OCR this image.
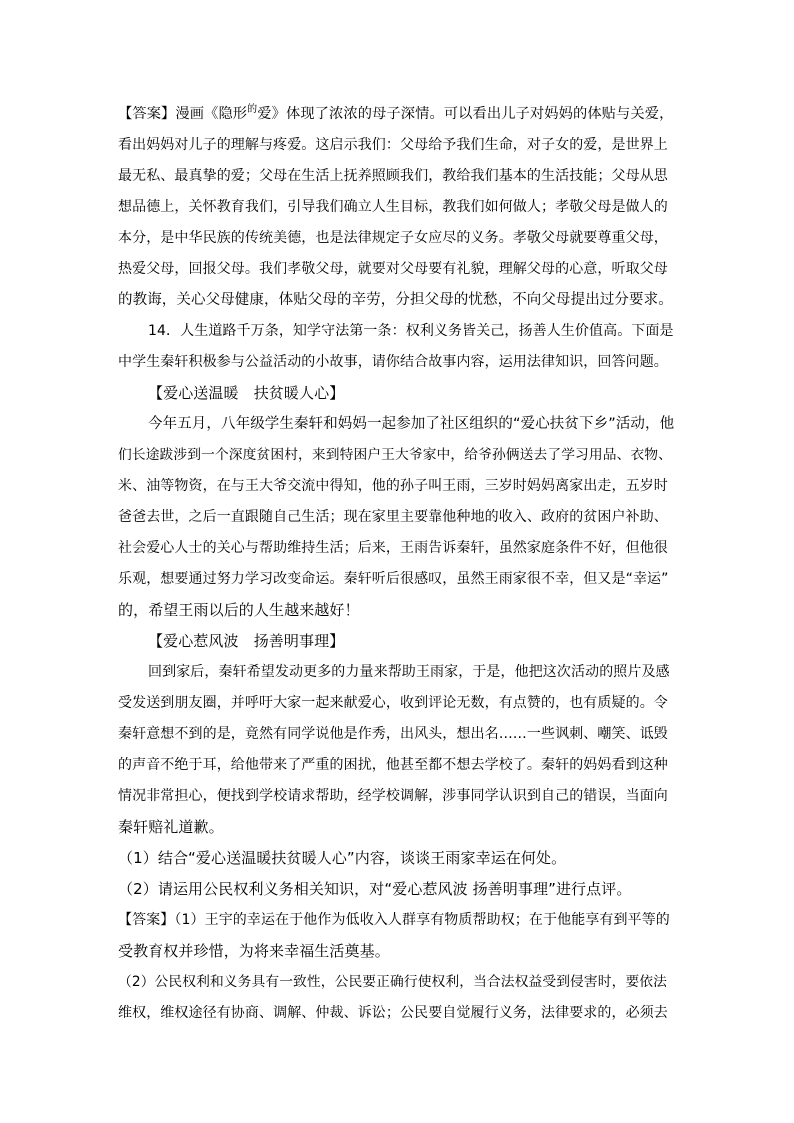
【答案】漫画《隐形$^的$爱》体现了浓浓的母子深情。可以看出儿子对妈妈的体贴与关爱，
看出妈妈对儿子的理解与疼爱。这启示我们：父母给予我们生命，对子女的爱，是世界上
最无私、最真挚的爱；父母在生活上抚养照顾我们，教给我们基本的生活技能；父母从思
想品德上，关怀教育我们，引导我们确立人生目标，教我们如何做人；孝敬父母是做人的
本分，是中华民族的传统美德，也是法律规定子女应尽的义务。孝敬父母就要尊重父母，
热爱父母，回报父母。我们孝敬父母，就要对父母要有礼貌，理解父母的心意，听取父母
的教诲，关心父母健康，体贴父母的辛劳，分担父母的忧愁，不向父母提出过分要求。
14．人生道路千万条，知学守法第一条：权利义务皆关己，扬善人生价值高。下面是
中学生秦轩积极参与公益活动的小故事，请你结合故事内容，运用法律知识，回答问题。
【爱心送温暖　扶贫暖人心】
今年五月，八年级学生秦轩和妈妈一起参加了社区组织的“爱心扶贫下乡”活动，他
们长途跋涉到一个深度贫困村，来到特困户王大爷家中，给爷孙俩送去了学习用品、衣物、
米、油等物资，在与王大爷交流中得知，他的孙子叫王雨，三岁时妈妈离家出走，五岁时
爸爸去世，之后一直跟随自己生活；现在家里主要靠他种地的收入、政府的贫困户补助、
社会爱心人士的关心与帮助维持生活；后来，王雨告诉秦轩，虽然家庭条件不好，但他很
乐观，想要通过努力学习改变命运。秦轩听后很感叹，虽然王雨家很不幸，但又是“幸运”
的，希望王雨以后的人生越来越好！
【爱心惹风波　扬善明事理】
回到家后，秦轩希望发动更多的力量来帮助王雨家，于是，他把这次活动的照片及感
受发送到朋友圈，并呼吁大家一起来献爱心，收到评论无数，有点赞的，也有质疑的。令
秦轩意想不到的是，竟然有同学说他是作秀，出风头，想出名……一些讽刺、嘲笑、诋毁
的声音不绝于耳，给他带来了严重的困扰，他甚至都不想去学校了。秦轩的妈妈看到这种
情况非常担心，便找到学校请求帮助，经学校调解，涉事同学认识到自己的错误，当面向
秦轩赔礼道歉。
（1）结合“爱心送温暖扶贫暖人心”内容，谈谈王雨家幸运在何处。
（2）请运用公民权利义务相关知识，对“爱心惹风波 扬善明事理”进行点评。
【答案】（1）王宇的幸运在于他作为低收入人群享有物质帮助权；在于他能享有到平等的
受教育权并珍惜，为将来幸福生活奠基。
（2）公民权利和义务具有一致性，公民要正确行使权利，当合法权益受到侵害时，要依法
维权，维权途径有协商、调解、仲裁、诉讼；公民要自觉履行义务，法律要求的，必须去
